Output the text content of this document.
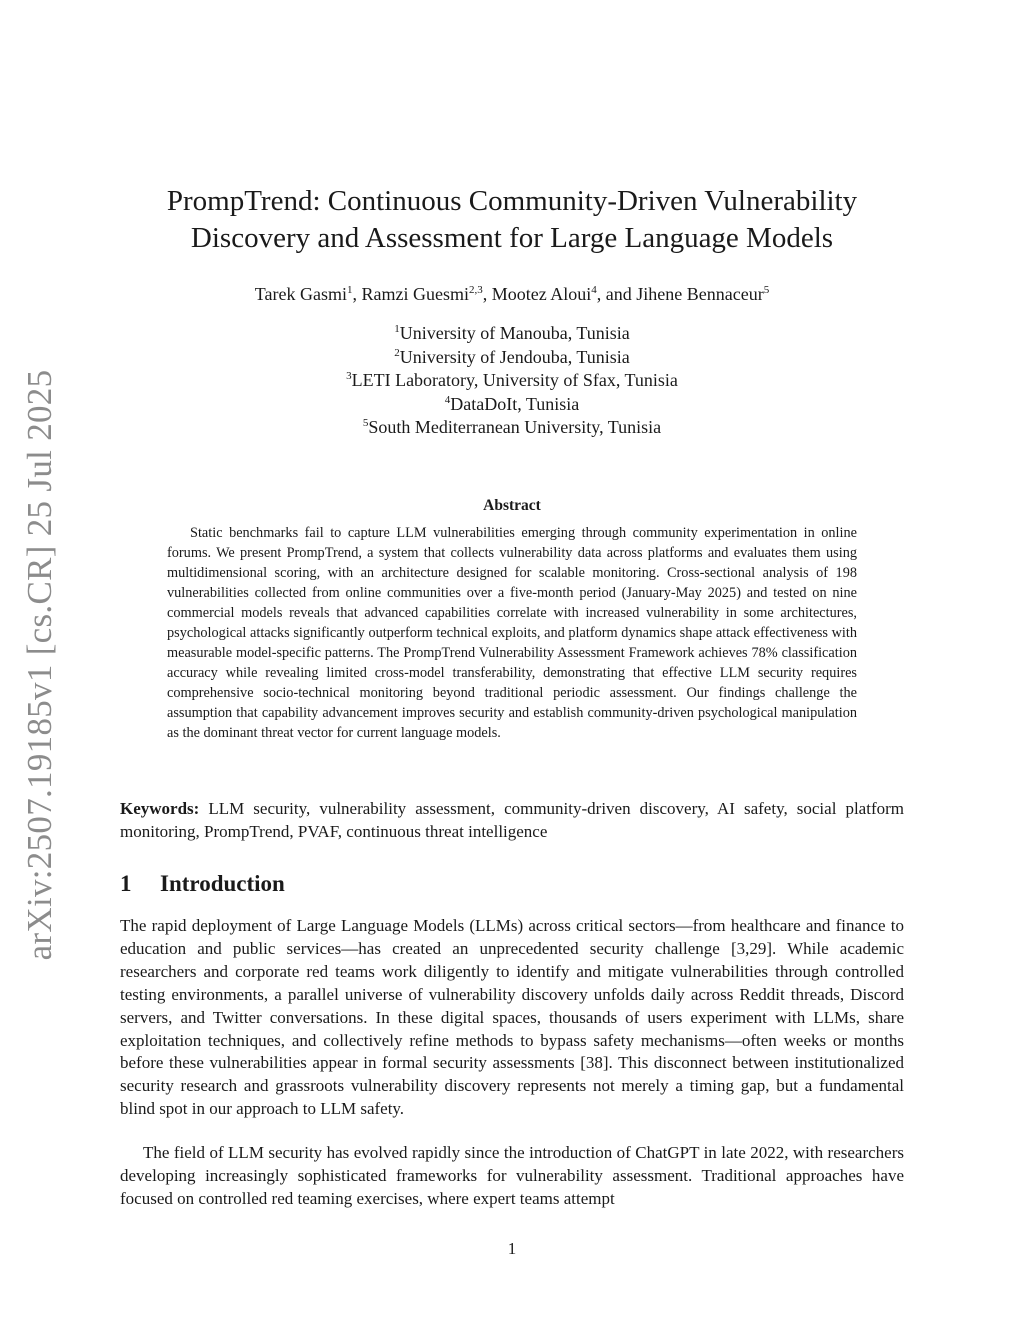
arXiv:2507.19185v1 [cs.CR] 25 Jul 2025
PrompTrend: Continuous Community-Driven Vulnerability
Discovery and Assessment for Large Language Models
Tarek Gasmi$^1$, Ramzi Guesmi$^{2,3}$, Mootez Aloui$^4$, and Jihene Bennaceur$^5$
$^1$University of Manouba, Tunisia
$^2$University of Jendouba, Tunisia
$^3$LETI Laboratory, University of Sfax, Tunisia
$^4$DataDoIt, Tunisia
$^5$South Mediterranean University, Tunisia
Abstract

Static benchmarks fail to capture LLM vulnerabilities emerging through community experimentation in online forums. We present PrompTrend, a system that collects vulnerability data across platforms and evaluates them using multidimensional scoring, with an architecture designed for scalable monitoring. Cross-sectional analysis of 198 vulnerabilities collected from online communities over a five-month period (January-May 2025) and tested on nine commercial models reveals that advanced capabilities correlate with increased vulnerability in some architectures, psychological attacks significantly outperform technical exploits, and platform dynamics shape attack effectiveness with measurable model-specific patterns. The PrompTrend Vulnerability Assessment Framework achieves 78% classification accuracy while revealing limited cross-model transferability, demonstrating that effective LLM security requires comprehensive socio-technical monitoring beyond traditional periodic assessment. Our findings challenge the assumption that capability advancement improves security and establish community-driven psychological manipulation as the dominant threat vector for current language models.

Keywords: LLM security, vulnerability assessment, community-driven discovery, AI safety, social platform monitoring, PrompTrend, PVAF, continuous threat intelligence

1 Introduction

The rapid deployment of Large Language Models (LLMs) across critical sectors—from healthcare and finance to education and public services—has created an unprecedented security challenge [3,29]. While academic researchers and corporate red teams work diligently to identify and mitigate vulnerabilities through controlled testing environments, a parallel universe of vulnerability discovery unfolds daily across Reddit threads, Discord servers, and Twitter conversations. In these digital spaces, thousands of users experiment with LLMs, share exploitation techniques, and collectively refine methods to bypass safety mechanisms—often weeks or months before these vulnerabilities appear in formal security assessments [38]. This disconnect between institutionalized security research and grassroots vulnerability discovery represents not merely a timing gap, but a fundamental blind spot in our approach to LLM safety.

The field of LLM security has evolved rapidly since the introduction of ChatGPT in late 2022, with researchers developing increasingly sophisticated frameworks for vulnerability assessment. Traditional approaches have focused on controlled red teaming exercises, where expert teams attempt

1
